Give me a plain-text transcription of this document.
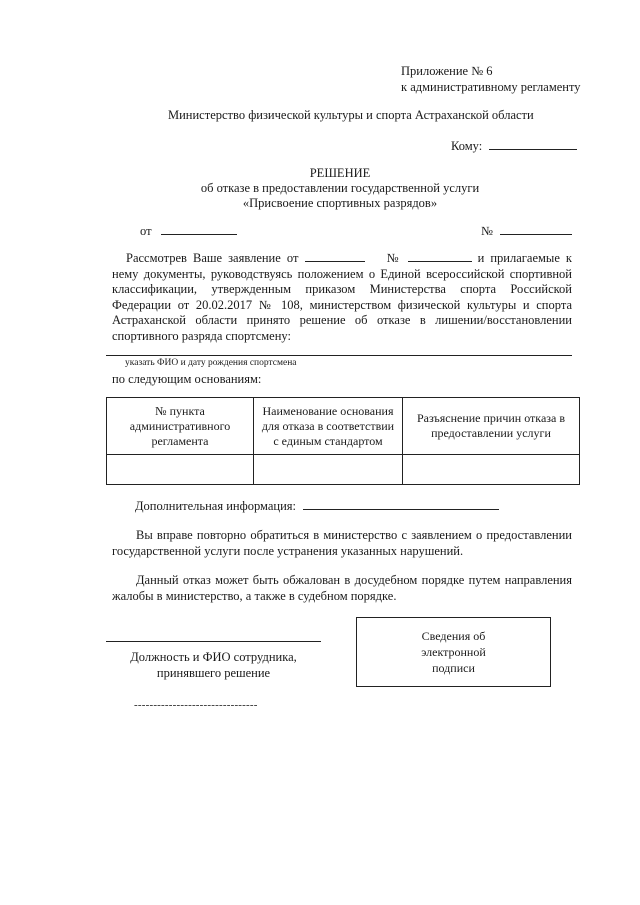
Приложение № 6
к административному регламенту
Министерство физической культуры и спорта Астраханской области
Кому:
РЕШЕНИЕ
об отказе в предоставлении государственной услуги
«Присвоение спортивных разрядов»
от	№
Рассмотрев Ваше заявление от	№	и прилагаемые к нему документы, руководствуясь положением о Единой всероссийской спортивной классификации, утвержденным приказом Министерства спорта Российской Федерации от 20.02.2017 № 108, министерством физической культуры и спорта Астраханской области принято решение об отказе в лишении/восстановлении спортивного разряда спортсмену:
указать ФИО и дату рождения спортсмена
по следующим основаниям:
№ пункта административного регламента	Наименование основания для отказа в соответствии с единым стандартом	Разъяснение причин отказа в предоставлении услуги

Дополнительная информация:
Вы вправе повторно обратиться в министерство с заявлением о предоставлении государственной услуги после устранения указанных нарушений.
Данный отказ может быть обжалован в досудебном порядке путем направления жалобы в министерство, а также в судебном порядке.
Должность и ФИО сотрудника,
принявшего решение
Сведения об
электронной
подписи
--------------------------------
